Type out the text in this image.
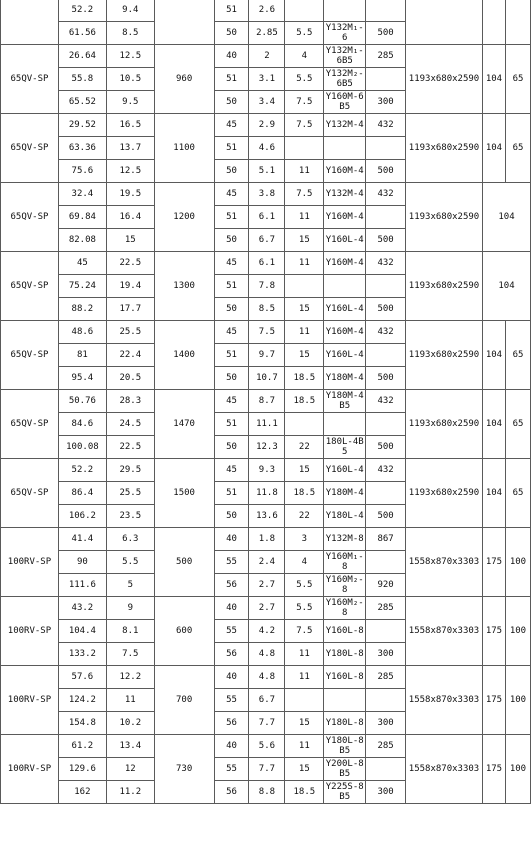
	52.2	9.4		51	2.6						
	61.56	8.5		50	2.85	5.5	Y132M₁-6	500			
65QV-SP	26.64	12.5	960	40	2	4	Y132M₁-6B5	285	1193x680x2590	104	65
	55.8	10.5		51	3.1	5.5	Y132M₂-6B5				
	65.52	9.5		50	3.4	7.5	Y160M-6B5	300			
65QV-SP	29.52	16.5	1100	45	2.9	7.5	Y132M-4	432	1193x680x2590	104	65
	63.36	13.7		51	4.6						
	75.6	12.5		50	5.1	11	Y160M-4	500			
65QV-SP	32.4	19.5	1200	45	3.8	7.5	Y132M-4	432	1193x680x2590	104	
	69.84	16.4		51	6.1	11	Y160M-4				
	82.08	15		50	6.7	15	Y160L-4	500			
65QV-SP	45	22.5	1300	45	6.1	11	Y160M-4	432	1193x680x2590	104	
	75.24	19.4		51	7.8						
	88.2	17.7		50	8.5	15	Y160L-4	500			
65QV-SP	48.6	25.5	1400	45	7.5	11	Y160M-4	432	1193x680x2590	104	65
	81	22.4		51	9.7	15	Y160L-4				
	95.4	20.5		50	10.7	18.5	Y180M-4	500			
65QV-SP	50.76	28.3	1470	45	8.7	18.5	Y180M-4B5	432	1193x680x2590	104	65
	84.6	24.5		51	11.1						
	100.08	22.5		50	12.3	22	180L-4B5	500			
65QV-SP	52.2	29.5	1500	45	9.3	15	Y160L-4	432	1193x680x2590	104	65
	86.4	25.5		51	11.8	18.5	Y180M-4				
	106.2	23.5		50	13.6	22	Y180L-4	500			
100RV-SP	41.4	6.3	500	40	1.8	3	Y132M-8	867	1558x870x3303	175	100
	90	5.5		55	2.4	4	Y160M₁-8				
	111.6	5		56	2.7	5.5	Y160M₂-8	920			
100RV-SP	43.2	9	600	40	2.7	5.5	Y160M₂-8	285	1558x870x3303	175	100
	104.4	8.1		55	4.2	7.5	Y160L-8				
	133.2	7.5		56	4.8	11	Y180L-8	300			
100RV-SP	57.6	12.2	700	40	4.8	11	Y160L-8	285	1558x870x3303	175	100
	124.2	11		55	6.7						
	154.8	10.2		56	7.7	15	Y180L-8	300			
100RV-SP	61.2	13.4	730	40	5.6	11	Y180L-8B5	285	1558x870x3303	175	100
	129.6	12		55	7.7	15	Y200L-8B5				
	162	11.2		56	8.8	18.5	Y225S-8B5	300			
